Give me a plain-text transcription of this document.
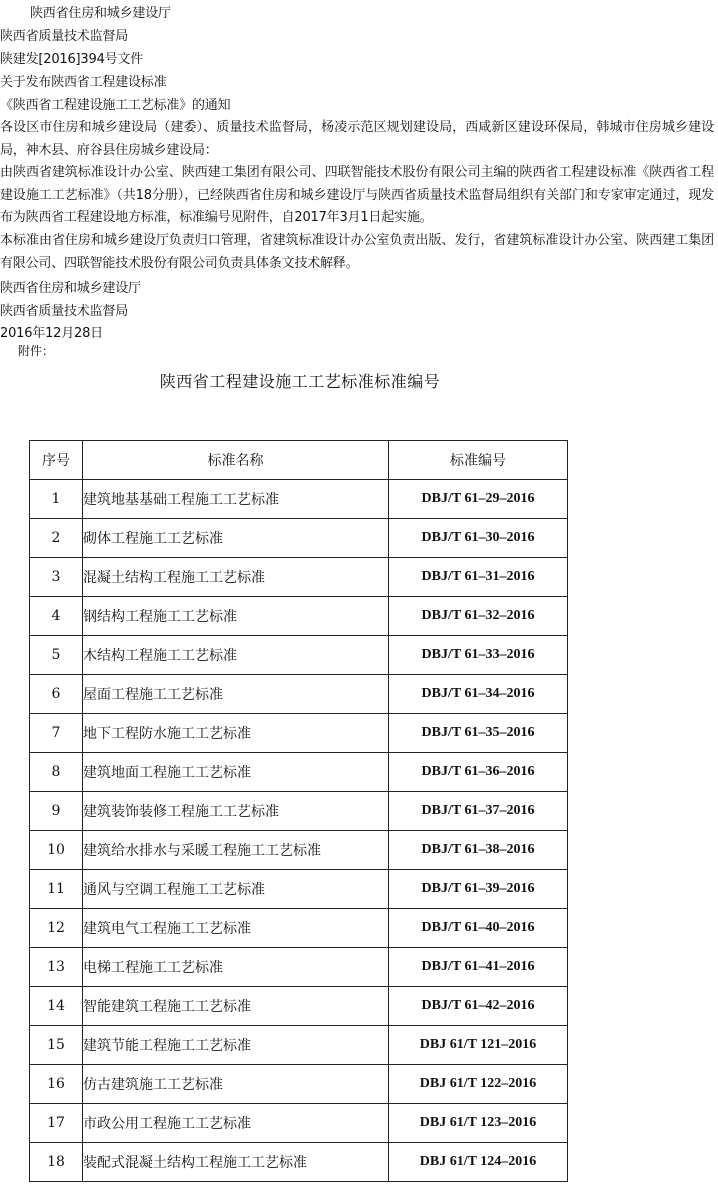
陕西省住房和城乡建设厅
陕西省质量技术监督局
陕建发[2016]394号文件
关于发布陕西省工程建设标准
《陕西省工程建设施工工艺标准》的通知
各设区市住房和城乡建设局（建委）、质量技术监督局，杨凌示范区规划建设局，西咸新区建设环保局，韩城市住房城乡建设局，神木县、府谷县住房城乡建设局：
由陕西省建筑标准设计办公室、陕西建工集团有限公司、四联智能技术股份有限公司主编的陕西省工程建设标准《陕西省工程建设施工工艺标准》（共18分册），已经陕西省住房和城乡建设厅与陕西省质量技术监督局组织有关部门和专家审定通过，现发布为陕西省工程建设地方标准，标准编号见附件，自2017年3月1日起实施。
本标准由省住房和城乡建设厅负责归口管理，省建筑标准设计办公室负责出版、发行，省建筑标准设计办公室、陕西建工集团有限公司、四联智能技术股份有限公司负责具体条文技术解释。
陕西省住房和城乡建设厅
陕西省质量技术监督局
2016年12月28日
附件：
陕西省工程建设施工工艺标准标准编号
序号	标准名称	标准编号
1	建筑地基基础工程施工工艺标准	DBJ/T 61–29–2016
2	砌体工程施工工艺标准	DBJ/T 61–30–2016
3	混凝土结构工程施工工艺标准	DBJ/T 61–31–2016
4	钢结构工程施工工艺标准	DBJ/T 61–32–2016
5	木结构工程施工工艺标准	DBJ/T 61–33–2016
6	屋面工程施工工艺标准	DBJ/T 61–34–2016
7	地下工程防水施工工艺标准	DBJ/T 61–35–2016
8	建筑地面工程施工工艺标准	DBJ/T 61–36–2016
9	建筑装饰装修工程施工工艺标准	DBJ/T 61–37–2016
10	建筑给水排水与采暖工程施工工艺标准	DBJ/T 61–38–2016
11	通风与空调工程施工工艺标准	DBJ/T 61–39–2016
12	建筑电气工程施工工艺标准	DBJ/T 61–40–2016
13	电梯工程施工工艺标准	DBJ/T 61–41–2016
14	智能建筑工程施工工艺标准	DBJ/T 61–42–2016
15	建筑节能工程施工工艺标准	DBJ 61/T 121–2016
16	仿古建筑施工工艺标准	DBJ 61/T 122–2016
17	市政公用工程施工工艺标准	DBJ 61/T 123–2016
18	装配式混凝土结构工程施工工艺标准	DBJ 61/T 124–2016
